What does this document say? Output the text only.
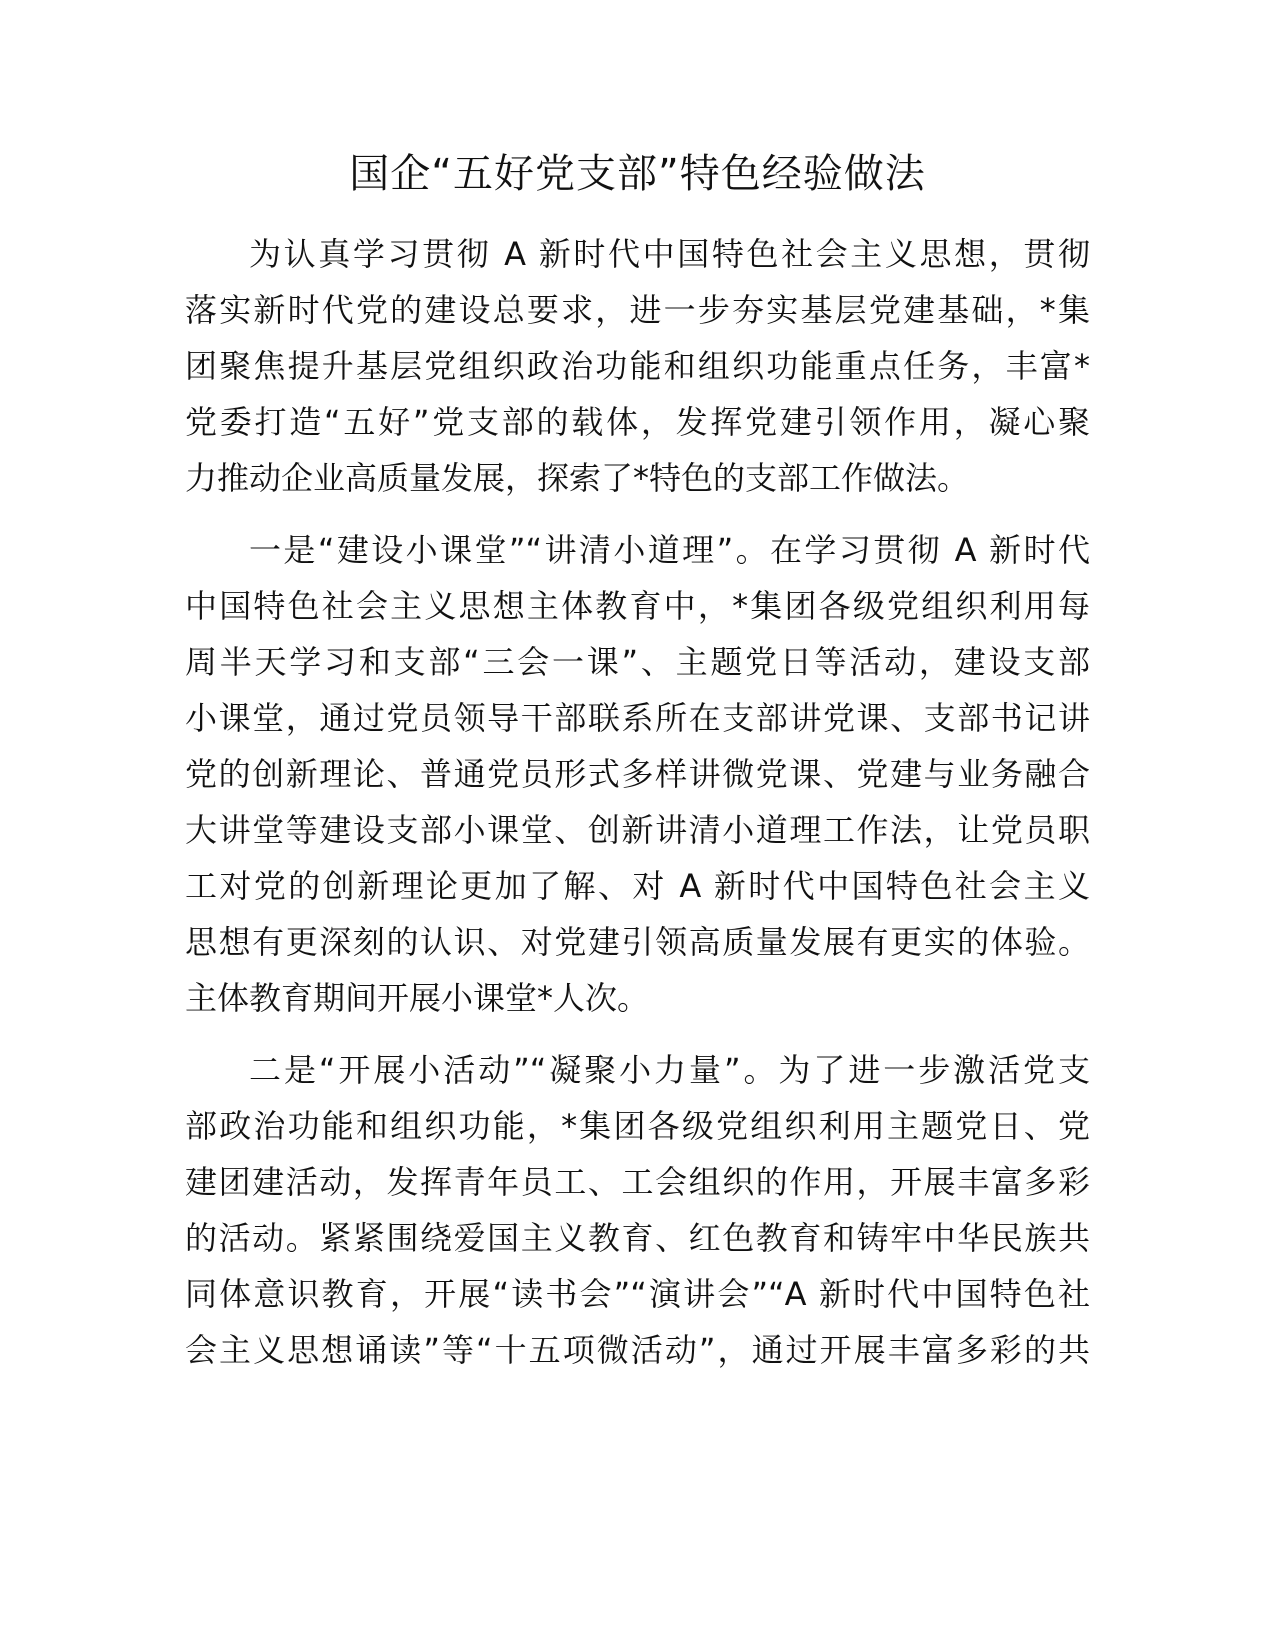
国企“五好党支部”特色经验做法

为认真学习贯彻 A 新时代中国特色社会主义思想，贯彻
落实新时代党的建设总要求，进一步夯实基层党建基础，*集
团聚焦提升基层党组织政治功能和组织功能重点任务，丰富*
党委打造“五好”党支部的载体，发挥党建引领作用，凝心聚
力推动企业高质量发展，探索了*特色的支部工作做法。

一是“建设小课堂”“讲清小道理”。在学习贯彻 A 新时代
中国特色社会主义思想主体教育中，*集团各级党组织利用每
周半天学习和支部“三会一课”、主题党日等活动，建设支部
小课堂，通过党员领导干部联系所在支部讲党课、支部书记讲
党的创新理论、普通党员形式多样讲微党课、党建与业务融合
大讲堂等建设支部小课堂、创新讲清小道理工作法，让党员职
工对党的创新理论更加了解、对 A 新时代中国特色社会主义
思想有更深刻的认识、对党建引领高质量发展有更实的体验。
主体教育期间开展小课堂*人次。

二是“开展小活动”“凝聚小力量”。为了进一步激活党支
部政治功能和组织功能，*集团各级党组织利用主题党日、党
建团建活动，发挥青年员工、工会组织的作用，开展丰富多彩
的活动。紧紧围绕爱国主义教育、红色教育和铸牢中华民族共
同体意识教育，开展“读书会”“演讲会”“A 新时代中国特色社
会主义思想诵读”等“十五项微活动”，通过开展丰富多彩的共
